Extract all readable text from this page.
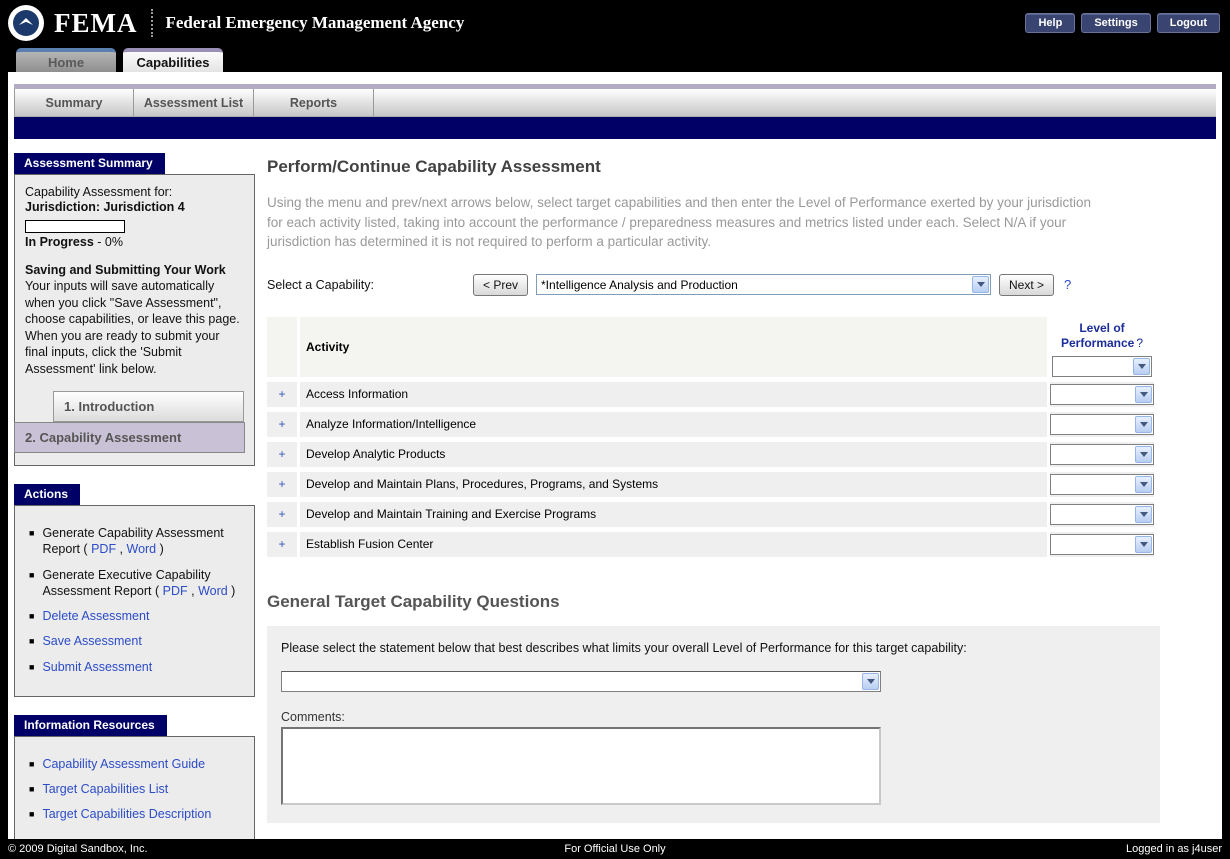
FEMA Federal Emergency Management Agency	Help	Settings	Logout
Home	Capabilities
Summary	Assessment List	Reports
Assessment Summary
Capability Assessment for:
Jurisdiction: Jurisdiction 4
In Progress - 0%
Saving and Submitting Your Work
Your inputs will save automatically when you click "Save Assessment", choose capabilities, or leave this page. When you are ready to submit your final inputs, click the 'Submit Assessment' link below.
1. Introduction
2. Capability Assessment
Actions
■ Generate Capability Assessment Report ( PDF , Word )
■ Generate Executive Capability Assessment Report ( PDF , Word )
■ Delete Assessment
■ Save Assessment
■ Submit Assessment
Information Resources
■ Capability Assessment Guide
■ Target Capabilities List
■ Target Capabilities Description
Perform/Continue Capability Assessment
Using the menu and prev/next arrows below, select target capabilities and then enter the Level of Performance exerted by your jurisdiction for each activity listed, taking into account the performance / preparedness measures and metrics listed under each. Select N/A if your jurisdiction has determined it is not required to perform a particular activity.
Select a Capability:	< Prev	*Intelligence Analysis and Production	Next >	?
	Activity	Level of Performance ?

+	Access Information	

+	Analyze Information/Intelligence	

+	Develop Analytic Products	

+	Develop and Maintain Plans, Procedures, Programs, and Systems	

+	Develop and Maintain Training and Exercise Programs	

+	Establish Fusion Center	
General Target Capability Questions
Please select the statement below that best describes what limits your overall Level of Performance for this target capability:
Comments:
© 2009 Digital Sandbox, Inc.	For Official Use Only	Logged in as j4user
